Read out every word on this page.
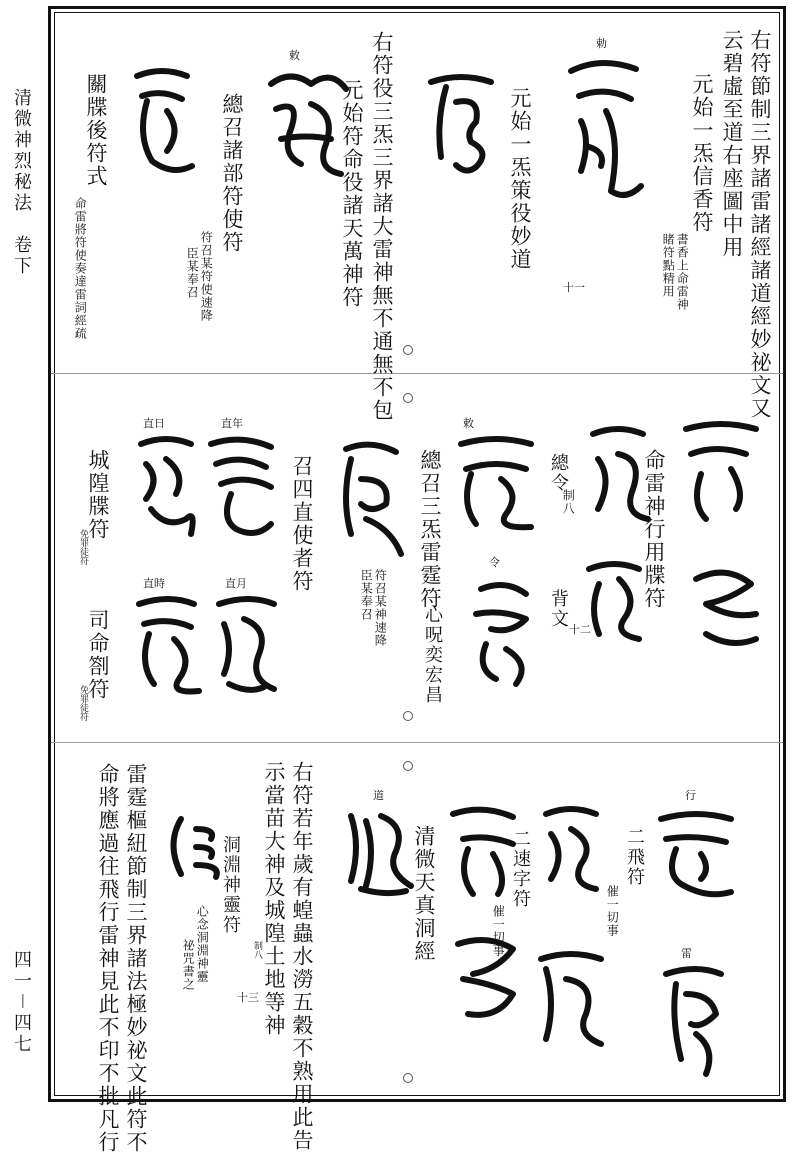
清微神烈秘法　卷下
四一－四七
右符節制三界諸雷諸經諸道經妙祕文又
云碧虛至道右座圖中用
元始一炁信香符
書香上命雷神
睹符點精用
勅
元始一炁策役妙道
十一
右符役三炁三界諸大雷神無不通無不包
元始符命役諸天萬神符
敕
總召諸部符使符
符召某符使速降
臣某奉召
關牒後符式
命雷將符使奏達雷詞經疏
命雷神行用牒符
總令
制八
背文
十二
敕
總召三炁雷霆符
心呪奕宏昌
令
符召某神速降
臣某奉召
召四直使者符
直年
直日
直月
直時
城隍牒符
免罪徒符
司命劄符
免罪徒符
行
雷
二飛符
催一切事
二速字符
催一切事
清微天真洞經
道
右符若年歲有蝗蟲水澇五穀不熟用此告
示當苗大神及城隍土地等神
制八
十三
洞淵神靈符
心念洞淵神靈
祕咒書之
雷霆樞紐節制三界諸法極妙祕文此符不
命將應過往飛行雷神見此不印不批凡行
